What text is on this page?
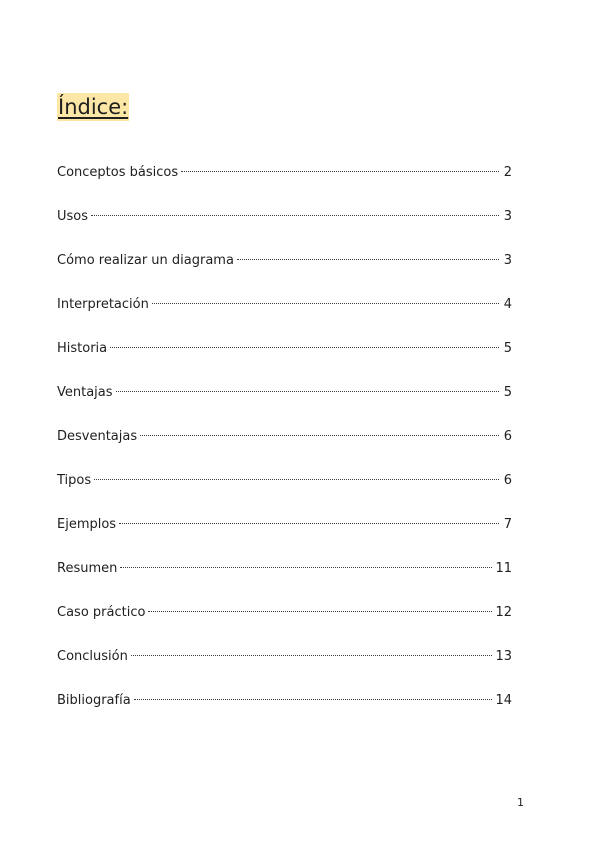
Índice:
Conceptos básicos	2
Usos	3
Cómo realizar un diagrama	3
Interpretación	4
Historia	5
Ventajas	5
Desventajas	6
Tipos	6
Ejemplos	7
Resumen	11
Caso práctico	12
Conclusión	13
Bibliografía	14
1
